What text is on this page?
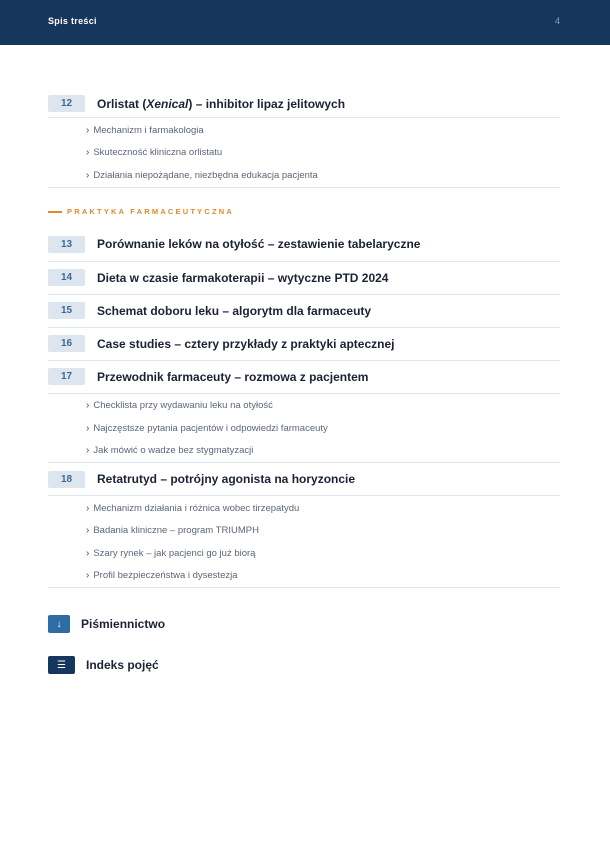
Spis treści	4
12	Orlistat (Xenical) – inhibitor lipaz jelitowych
› Mechanizm i farmakologia
› Skuteczność kliniczna orlistatu
› Działania niepożądane, niezbędna edukacja pacjenta
PRAKTYKA FARMACEUTYCZNA
13	Porównanie leków na otyłość – zestawienie tabelaryczne
14	Dieta w czasie farmakoterapii – wytyczne PTD 2024
15	Schemat doboru leku – algorytm dla farmaceuty
16	Case studies – cztery przykłady z praktyki aptecznej
17	Przewodnik farmaceuty – rozmowa z pacjentem
› Checklista przy wydawaniu leku na otyłość
› Najczęstsze pytania pacjentów i odpowiedzi farmaceuty
› Jak mówić o wadze bez stygmatyzacji
18	Retatrutyd – potrójny agonista na horyzoncie
› Mechanizm działania i różnica wobec tirzepatydu
› Badania kliniczne – program TRIUMPH
› Szary rynek – jak pacjenci go już biorą
› Profil bezpieczeństwa i dysestezja
↓	Piśmiennictwo
☰	Indeks pojęć
